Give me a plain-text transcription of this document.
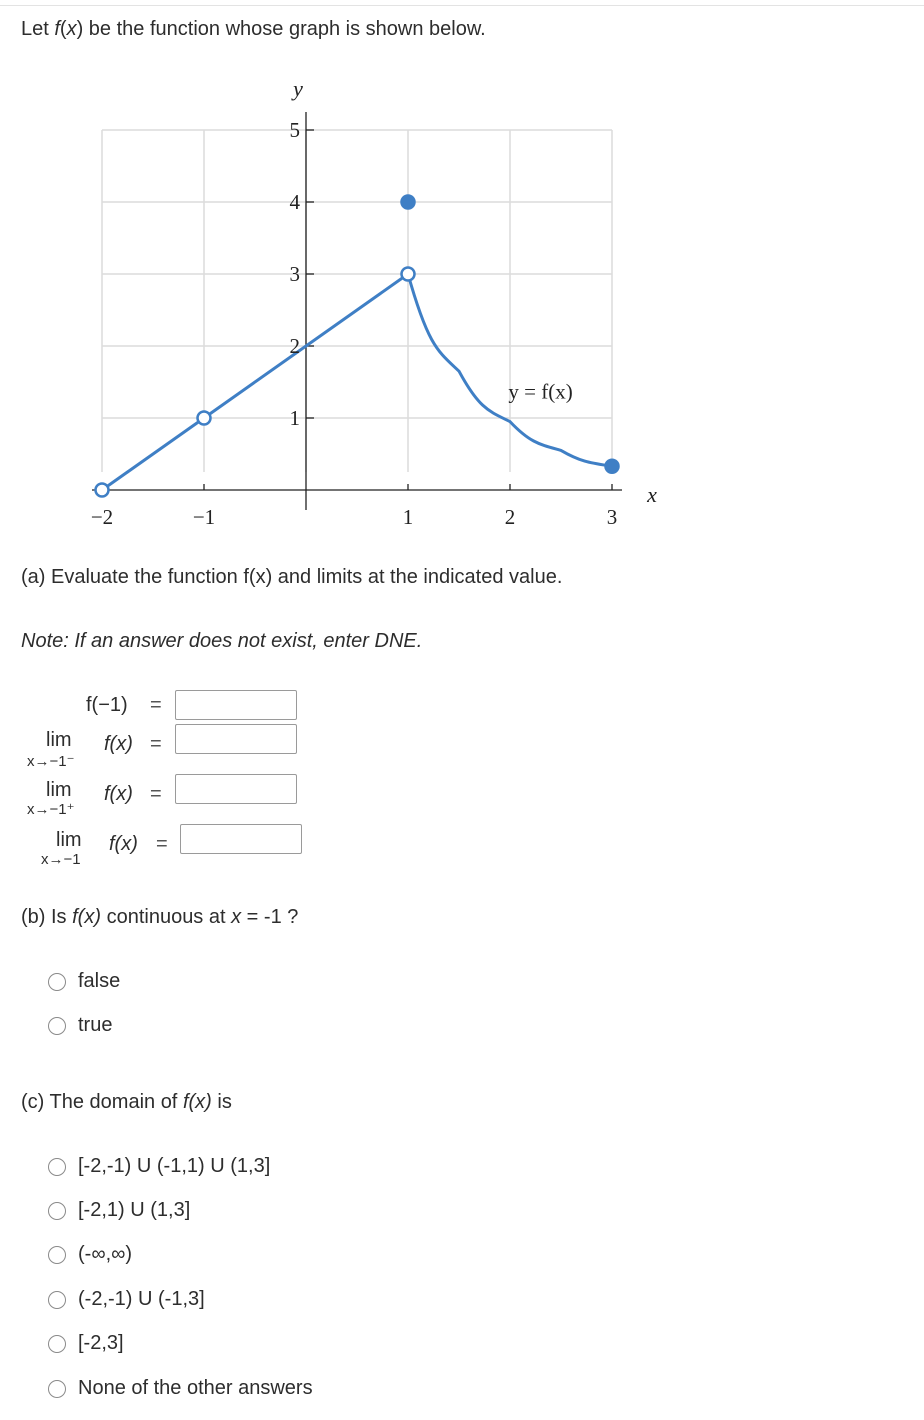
Let f(x) be the function whose graph is shown below.
−2	−1	1	2	3
1
2
3
4
5
y
x
y = f(x)
(a) Evaluate the function f(x) and limits at the indicated value.
Note: If an answer does not exist, enter DNE.
f(−1) =
lim
x→−1⁻
f(x) =
lim
x→−1⁺
f(x) =
lim
x→−1
f(x) =
(b) Is f(x) continuous at x = -1 ?
false
true
(c) The domain of f(x) is
[-2,-1) U (-1,1) U (1,3]
[-2,1) U (1,3]
(-∞,∞)
(-2,-1) U (-1,3]
[-2,3]
None of the other answers
